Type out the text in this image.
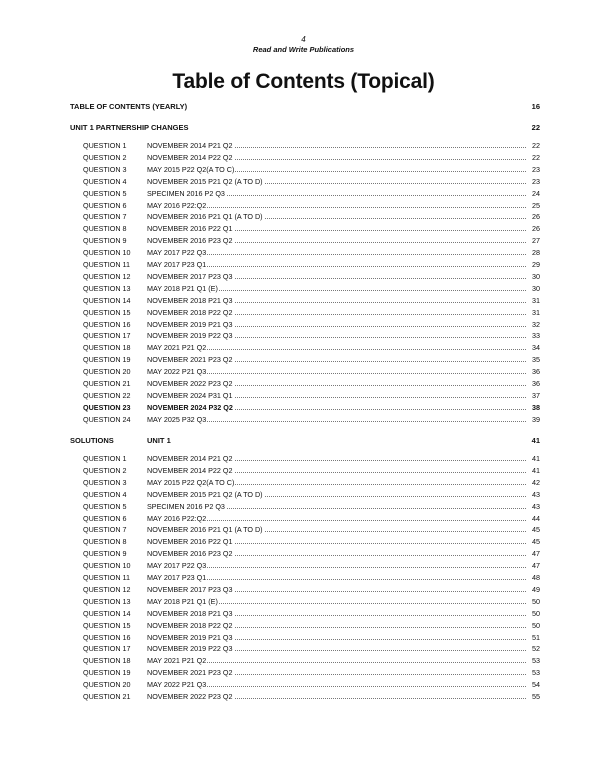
4
Read and Write Publications
Table of Contents (Topical)
TABLE OF CONTENTS (YEARLY)	16
UNIT 1 PARTNERSHIP CHANGES	22
QUESTION 1	NOVEMBER 2014 P21 Q2	22
QUESTION 2	NOVEMBER 2014 P22 Q2	22
QUESTION 3	MAY 2015 P22 Q2(A TO C)	23
QUESTION 4	NOVEMBER 2015 P21 Q2 (A TO D)	23
QUESTION 5	SPECIMEN 2016 P2 Q3	24
QUESTION 6	MAY 2016 P22:Q2	25
QUESTION 7	NOVEMBER 2016 P21 Q1 (A TO D)	26
QUESTION 8	NOVEMBER 2016 P22 Q1	26
QUESTION 9	NOVEMBER 2016 P23 Q2	27
QUESTION 10 MAY 2017 P22 Q3	28
QUESTION 11 MAY 2017 P23 Q1	29
QUESTION 12 NOVEMBER 2017 P23 Q3	30
QUESTION 13 MAY 2018 P21 Q1 (E)	30
QUESTION 14 NOVEMBER 2018 P21 Q3	31
QUESTION 15 NOVEMBER 2018 P22 Q2	31
QUESTION 16 NOVEMBER 2019 P21 Q3	32
QUESTION 17 NOVEMBER 2019 P22 Q3	33
QUESTION 18 MAY 2021 P21 Q2	34
QUESTION 19 NOVEMBER 2021 P23 Q2	35
QUESTION 20 MAY 2022 P21 Q3	36
QUESTION 21 NOVEMBER 2022 P23 Q2	36
QUESTION 22 NOVEMBER 2024 P31 Q1	37
QUESTION 23 NOVEMBER 2024 P32 Q2	38
QUESTION 24 MAY 2025 P32 Q3	39
SOLUTIONS	UNIT 1	41
QUESTION 1	NOVEMBER 2014 P21 Q2	41
QUESTION 2	NOVEMBER 2014 P22 Q2	41
QUESTION 3	MAY 2015 P22 Q2(A TO C)	42
QUESTION 4	NOVEMBER 2015 P21 Q2 (A TO D)	43
QUESTION 5	SPECIMEN 2016 P2 Q3	43
QUESTION 6	MAY 2016 P22:Q2	44
QUESTION 7	NOVEMBER 2016 P21 Q1 (A TO D)	45
QUESTION 8	NOVEMBER 2016 P22 Q1	45
QUESTION 9	NOVEMBER 2016 P23 Q2	47
QUESTION 10 MAY 2017 P22 Q3	47
QUESTION 11 MAY 2017 P23 Q1	48
QUESTION 12 NOVEMBER 2017 P23 Q3	49
QUESTION 13 MAY 2018 P21 Q1 (E)	50
QUESTION 14 NOVEMBER 2018 P21 Q3	50
QUESTION 15 NOVEMBER 2018 P22 Q2	50
QUESTION 16 NOVEMBER 2019 P21 Q3	51
QUESTION 17 NOVEMBER 2019 P22 Q3	52
QUESTION 18 MAY 2021 P21 Q2	53
QUESTION 19 NOVEMBER 2021 P23 Q2	53
QUESTION 20 MAY 2022 P21 Q3	54
QUESTION 21 NOVEMBER 2022 P23 Q2	55
